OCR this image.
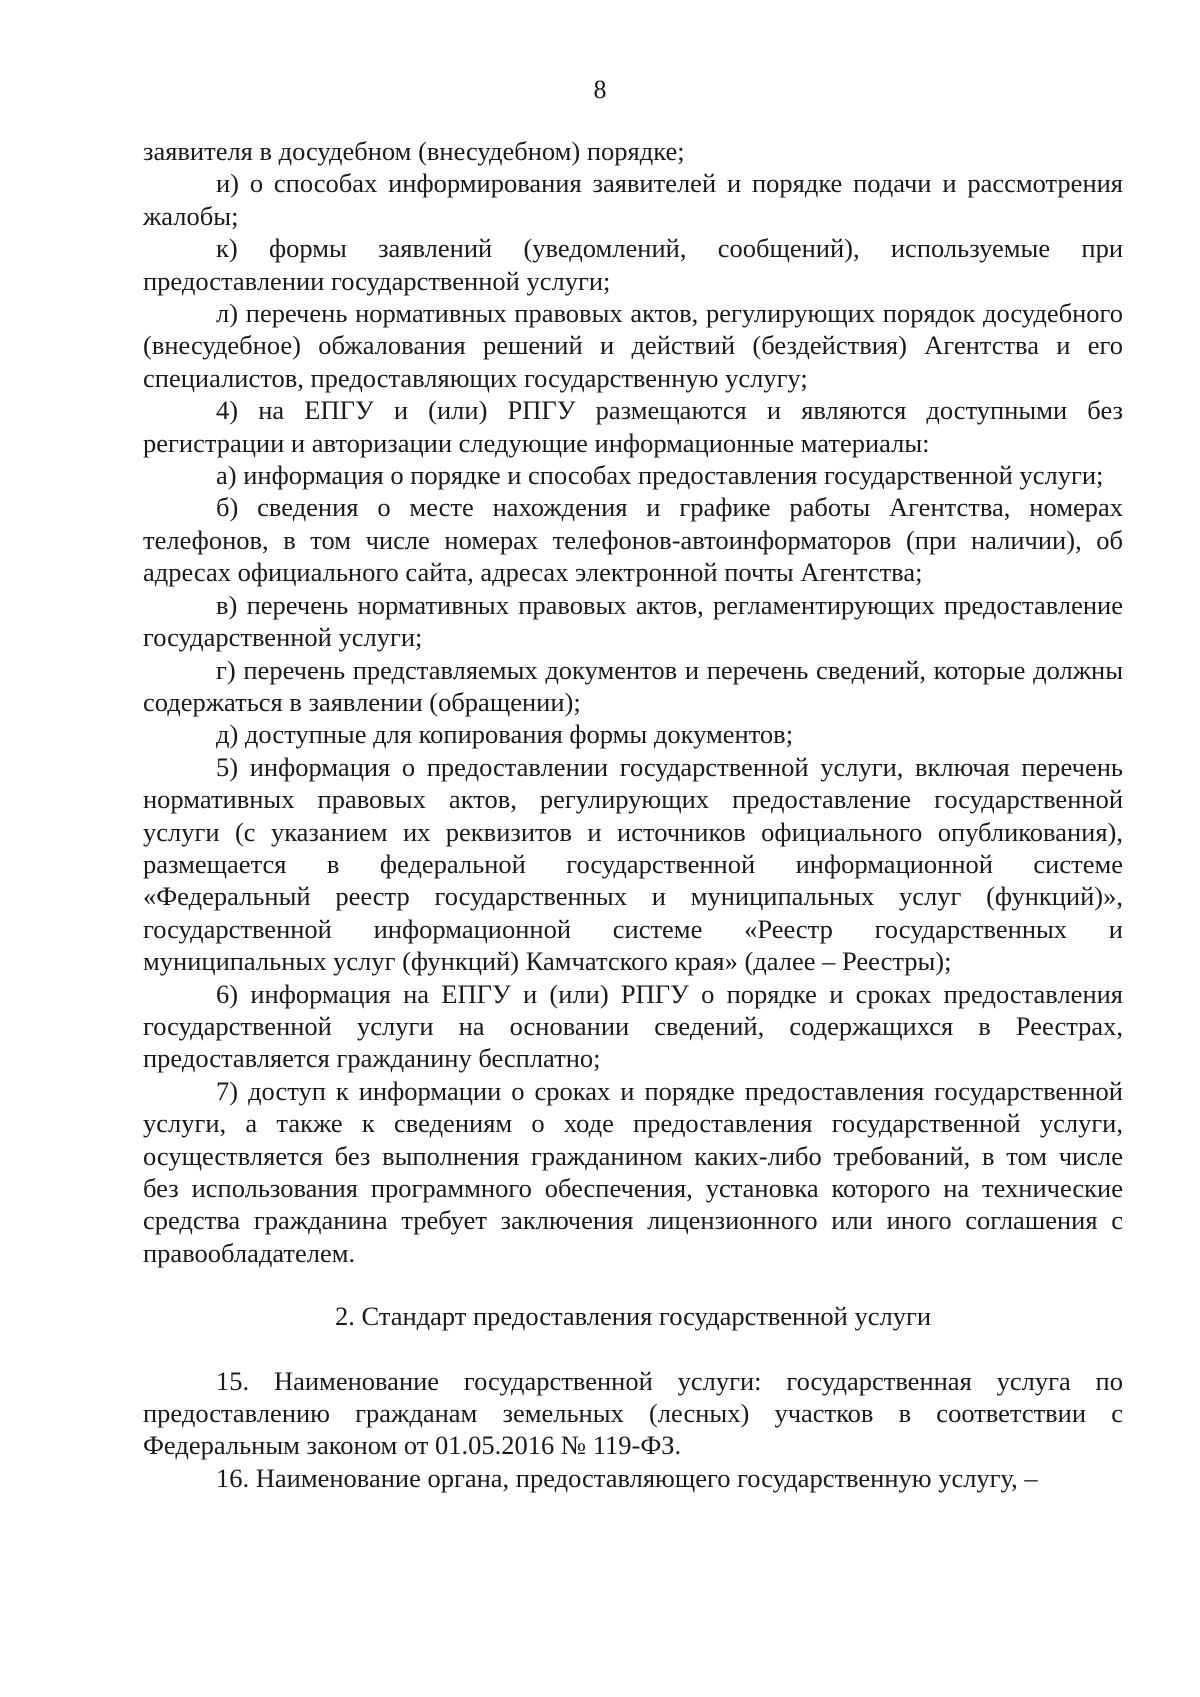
8

заявителя в досудебном (внесудебном) порядке;

и) о способах информирования заявителей и порядке подачи и рассмотрения жалобы;

к) формы заявлений (уведомлений, сообщений), используемые при предоставлении государственной услуги;

л) перечень нормативных правовых актов, регулирующих порядок досудебного (внесудебное) обжалования решений и действий (бездействия) Агентства и его специалистов, предоставляющих государственную услугу;

4) на ЕПГУ и (или) РПГУ размещаются и являются доступными без регистрации и авторизации следующие информационные материалы:

а) информация о порядке и способах предоставления государственной услуги;

б) сведения о месте нахождения и графике работы Агентства, номерах телефонов, в том числе номерах телефонов-автоинформаторов (при наличии), об адресах официального сайта, адресах электронной почты Агентства;

в) перечень нормативных правовых актов, регламентирующих предоставление государственной услуги;

г) перечень представляемых документов и перечень сведений, которые должны содержаться в заявлении (обращении);

д) доступные для копирования формы документов;

5) информация о предоставлении государственной услуги, включая перечень нормативных правовых актов, регулирующих предоставление государственной услуги (с указанием их реквизитов и источников официального опубликования), размещается в федеральной государственной информационной системе «Федеральный реестр государственных и муниципальных услуг (функций)», государственной информационной системе «Реестр государственных и муниципальных услуг (функций) Камчатского края» (далее – Реестры);

6) информация на ЕПГУ и (или) РПГУ о порядке и сроках предоставления государственной услуги на основании сведений, содержащихся в Реестрах, предоставляется гражданину бесплатно;

7) доступ к информации о сроках и порядке предоставления государственной услуги, а также к сведениям о ходе предоставления государственной услуги, осуществляется без выполнения гражданином каких-либо требований, в том числе без использования программного обеспечения, установка которого на технические средства гражданина требует заключения лицензионного или иного соглашения с правообладателем.

2. Стандарт предоставления государственной услуги

15. Наименование государственной услуги: государственная услуга по предоставлению гражданам земельных (лесных) участков в соответствии с Федеральным законом от 01.05.2016 № 119-ФЗ.

16. Наименование органа, предоставляющего государственную услугу, –
